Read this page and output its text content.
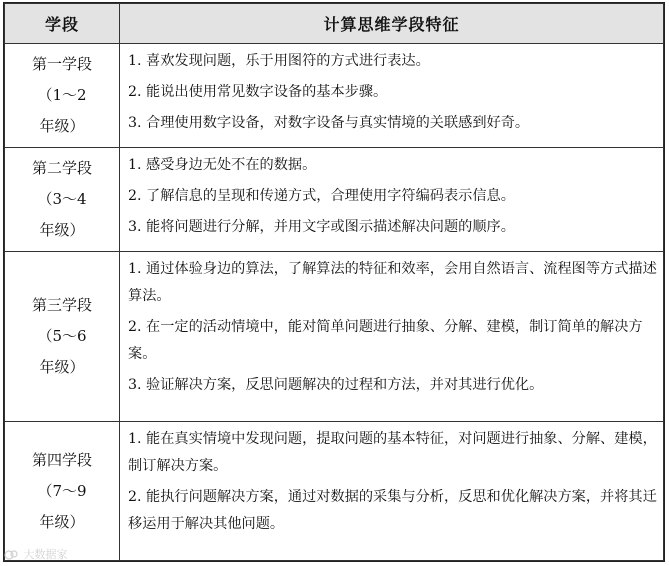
学段	计算思维学段特征

第一学段
（1～2
年级）	1. 喜欢发现问题，乐于用图符的方式进行表达。
2. 能说出使用常见数字设备的基本步骤。
3. 合理使用数字设备，对数字设备与真实情境的关联感到好奇。

第二学段
（3～4
年级）	1. 感受身边无处不在的数据。
2. 了解信息的呈现和传递方式，合理使用字符编码表示信息。
3. 能将问题进行分解，并用文字或图示描述解决问题的顺序。

第三学段
（5～6
年级）	1. 通过体验身边的算法，了解算法的特征和效率，会用自然语言、流程图等方式描述算法。
2. 在一定的活动情境中，能对简单问题进行抽象、分解、建模，制订简单的解决方案。
3. 验证解决方案，反思问题解决的过程和方法，并对其进行优化。

第四学段
（7～9
年级）	1. 能在真实情境中发现问题，提取问题的基本特征，对问题进行抽象、分解、建模，制订解决方案。
2. 能执行问题解决方案，通过对数据的采集与分析，反思和优化解决方案，并将其迁移运用于解决其他问题。
大数据家
